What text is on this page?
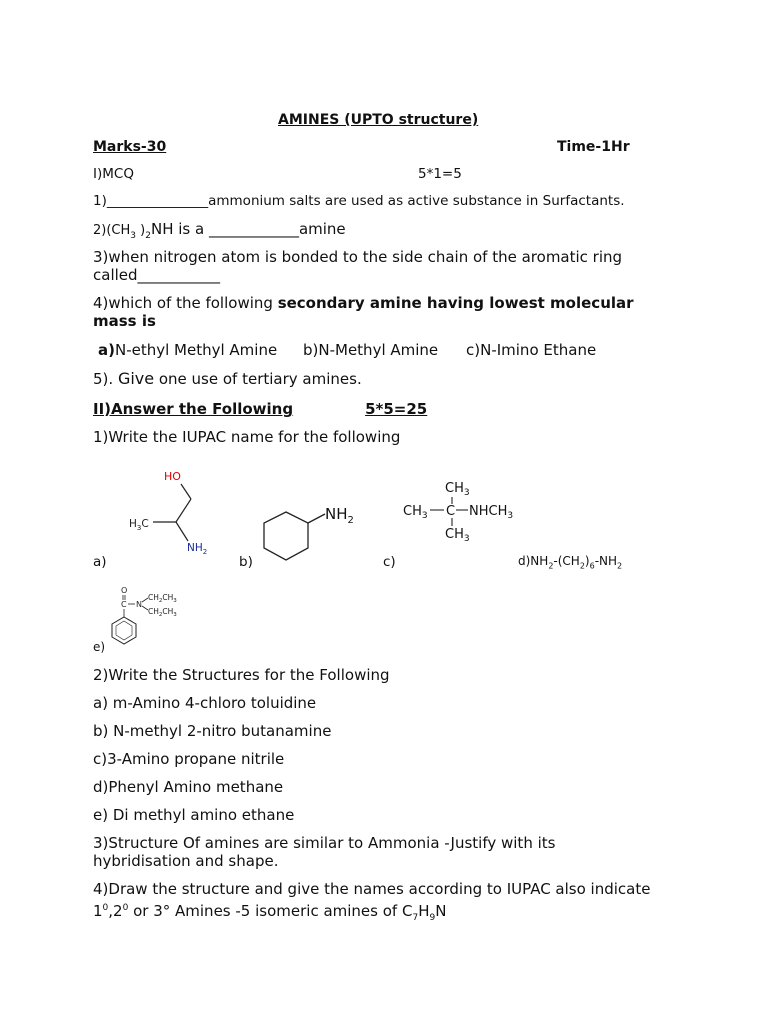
AMINES (UPTO structure)
Marks-30	Time-1Hr
I)MCQ	5*1=5
1)_______________ammonium salts are used as active substance in Surfactants.
$2)(CH_3$ )$_2NH$ is a ____________amine
3)when nitrogen atom is bonded to the side chain of the aromatic ring
called___________
4)which of the following secondary amine having lowest molecular
mass is
a)N-ethyl Methyl Amine b)N-Methyl Amine c)N-Imino Ethane
5). Give one use of tertiary amines.
II)Answer the Following	5*5=25
1)Write the IUPAC name for the following
HO
$H_3C$
$NH_2$
a)
$NH_2$
b)
$CH_3$
$CH_3$ C $NHCH_3$
$CH_3$
c)	$d)NH_2-(CH_2)_6-NH_2$
O
C N
$CH_2CH_3$
$CH_2CH_3$
e)
2)Write the Structures for the Following
a) m-Amino 4-chloro toluidine
b) N-methyl 2-nitro butanamine
c)3-Amino propane nitrile
d)Phenyl Amino methane
e) Di methyl amino ethane
3)Structure Of amines are similar to Ammonia -Justify with its
hybridisation and shape.
4)Draw the structure and give the names according to IUPAC also indicate
$1^0,2^0$ or 3° Amines -5 isomeric amines of $C_7H_9N$
